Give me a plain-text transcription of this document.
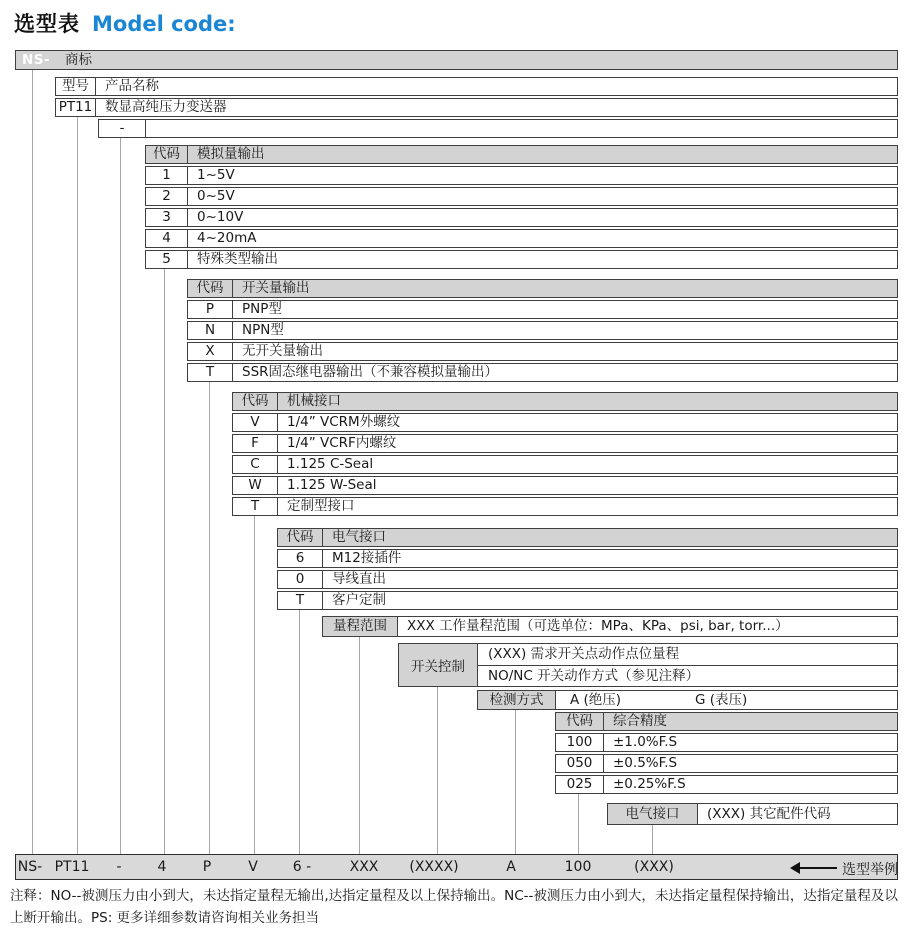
选型表 Model code:
NS-	商标
型号	产品名称
PT11 数显高纯压力变送器
-
代码	模拟量输出
1	1~5V
2	0~5V
3	0~10V
4	4~20mA
5	特殊类型输出
代码	开关量输出
P	PNP型
N	NPN型
X	无开关量输出
T	SSR固态继电器输出（不兼容模拟量输出）
代码	机械接口
V	1/4” VCRM外螺纹
F	1/4” VCRF内螺纹
C	1.125 C-Seal
W	1.125 W-Seal
T	定制型接口
代码	电气接口
6	M12接插件
0	导线直出
T	客户定制
量程范围	XXX 工作量程范围（可选单位：MPa、KPa、psi, bar, torr...）
开关控制
(XXX) 需求开关点动作点位量程
NO/NC 开关动作方式（参见注释）
检测方式	A (绝压)	G (表压)
代码	综合精度
100	±1.0%F.S
050	±0.5%F.S
025	±0.25%F.S
电气接口	(XXX) 其它配件代码
NS- PT11 -	4	P	V	6 -	XXX (XXXX)	A	100	(XXX)	选型举例
注释：NO--被测压力由小到大，未达指定量程无输出,达指定量程及以上保持输出。NC--被测压力由小到大，未达指定量程保持输出，达指定量程及以上断开输出。PS: 更多详细参数请咨询相关业务担当
